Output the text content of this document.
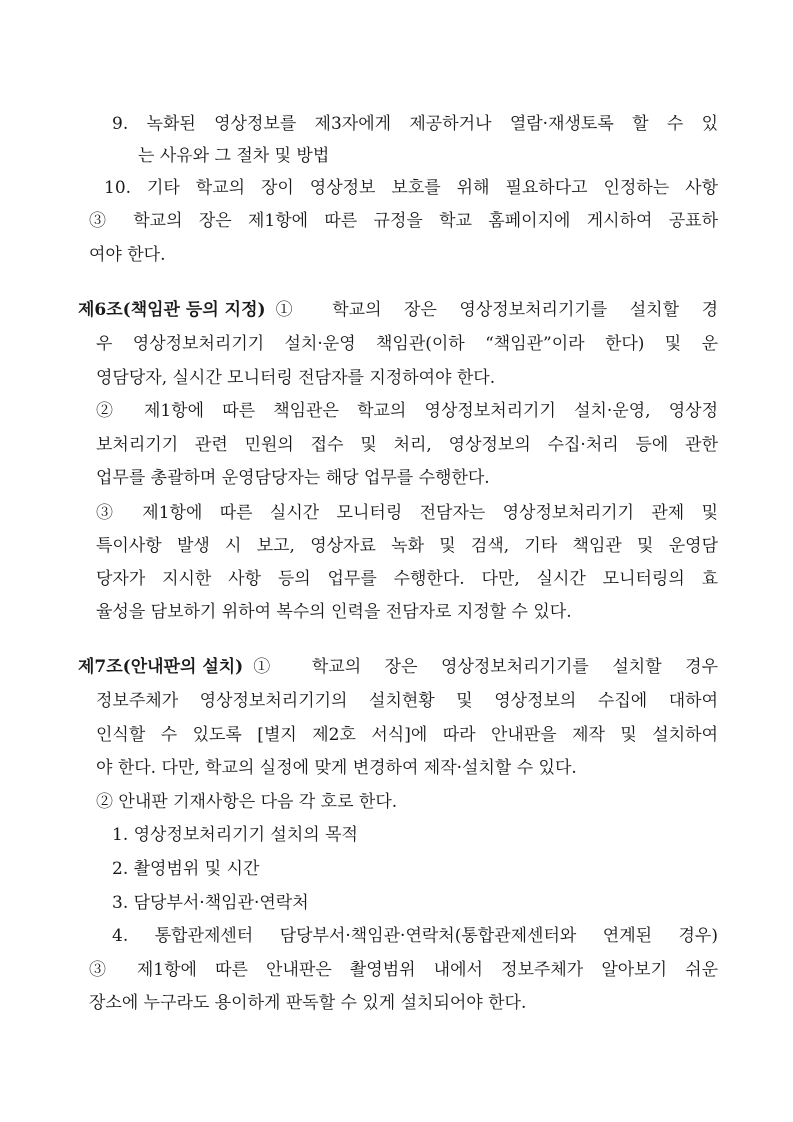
9. 녹화된 영상정보를 제3자에게 제공하거나 열람·재생토록 할 수 있
는 사유와 그 절차 및 방법
10. 기타 학교의 장이 영상정보 보호를 위해 필요하다고 인정하는 사항
③ 학교의 장은 제1항에 따른 규정을 학교 홈페이지에 게시하여 공표하
여야 한다.
제6조(책임관 등의 지정) ① 학교의 장은 영상정보처리기기를 설치할 경
우 영상정보처리기기 설치·운영 책임관(이하 “책임관”이라 한다) 및 운
영담당자, 실시간 모니터링 전담자를 지정하여야 한다.
② 제1항에 따른 책임관은 학교의 영상정보처리기기 설치·운영, 영상정
보처리기기 관련 민원의 접수 및 처리, 영상정보의 수집·처리 등에 관한
업무를 총괄하며 운영담당자는 해당 업무를 수행한다.
③ 제1항에 따른 실시간 모니터링 전담자는 영상정보처리기기 관제 및
특이사항 발생 시 보고, 영상자료 녹화 및 검색, 기타 책임관 및 운영담
당자가 지시한 사항 등의 업무를 수행한다. 다만, 실시간 모니터링의 효
율성을 담보하기 위하여 복수의 인력을 전담자로 지정할 수 있다.
제7조(안내판의 설치) ① 학교의 장은 영상정보처리기기를 설치할 경우
정보주체가 영상정보처리기기의 설치현황 및 영상정보의 수집에 대하여
인식할 수 있도록 [별지 제2호 서식]에 따라 안내판을 제작 및 설치하여
야 한다. 다만, 학교의 실정에 맞게 변경하여 제작·설치할 수 있다.
② 안내판 기재사항은 다음 각 호로 한다.
1. 영상정보처리기기 설치의 목적
2. 촬영범위 및 시간
3. 담당부서·책임관·연락처
4. 통합관제센터 담당부서·책임관·연락처(통합관제센터와 연계된 경우)
③ 제1항에 따른 안내판은 촬영범위 내에서 정보주체가 알아보기 쉬운
장소에 누구라도 용이하게 판독할 수 있게 설치되어야 한다.
